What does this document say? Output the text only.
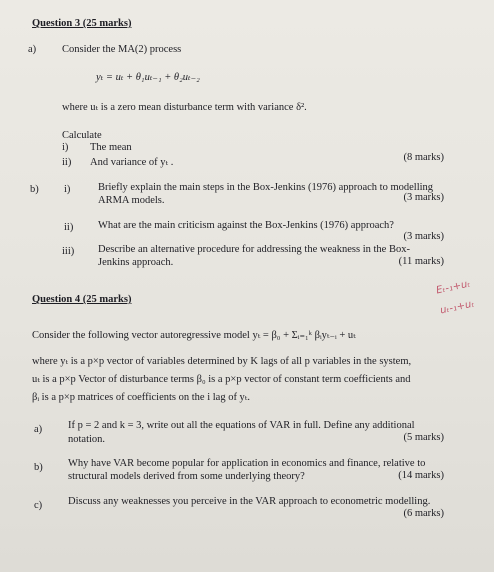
Question 3 (25 marks)
a) Consider the MA(2) process
yₜ = uₜ + θ₁uₜ₋₁ + θ₂uₜ₋₂
where uₜ is a zero mean disturbance term with variance δ².
Calculate
i) The mean
ii) And variance of yₜ .	(8 marks)
b) i)	Briefly explain the main steps in the Box-Jenkins (1976) approach to modelling
ARMA models.	(3 marks)
ii) What are the main criticism against the Box-Jenkins (1976) approach?
(3 marks)
iii) Describe an alternative procedure for addressing the weakness in the Box-
Jenkins approach.	(11 marks)
Eₜ-₁+uₜ
uₜ-₁+uₜ
Question 4 (25 marks)
Consider the following vector autoregressive model yₜ = β₀ + Σᵢ₌₁ᵏ βᵢyₜ₋ᵢ + uₜ
where yₜ is a p×p vector of variables determined by K lags of all p variables in the system,
uₜ is a p×p Vector of disturbance terms β₀ is a p×p vector of constant term coefficients and
βᵢ is a p×p matrices of coefficients on the i lag of yₜ.
a) If p = 2 and k = 3, write out all the equations of VAR in full. Define any additional
notation.	(5 marks)
b) Why have VAR become popular for application in economics and finance, relative to
structural models derived from some underlying theory?	(14 marks)
c) Discuss any weaknesses you perceive in the VAR approach to econometric modelling.
(6 marks)
